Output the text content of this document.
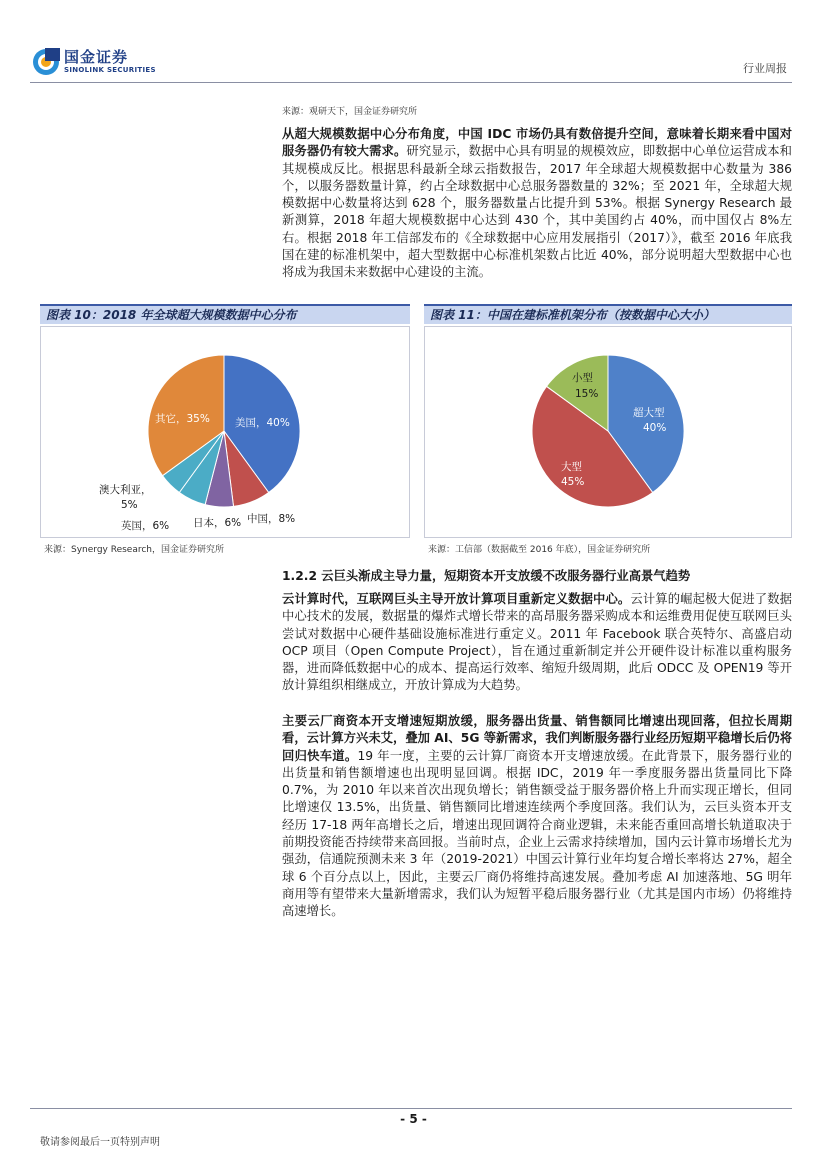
国金证券
SINOLINK SECURITIES	行业周报
来源：观研天下，国金证券研究所

从超大规模数据中心分布角度，中国 IDC 市场仍具有数倍提升空间，意味着长期来看中国对服务器仍有较大需求。研究显示，数据中心具有明显的规模效应，即数据中心单位运营成本和其规模成反比。根据思科最新全球云指数报告，2017 年全球超大规模数据中心数量为 386 个，以服务器数量计算，约占全球数据中心总服务器数量的 32%；至 2021 年，全球超大规模数据中心数量将达到 628 个，服务器数量占比提升到 53%。根据 Synergy Research 最新测算，2018 年超大规模数据中心达到 430 个，其中美国约占 40%，而中国仅占 8%左右。根据 2018 年工信部发布的《全球数据中心应用发展指引（2017）》，截至 2016 年底我国在建的标准机架中，超大型数据中心标准机架数占比近 40%，部分说明超大型数据中心也将成为我国未来数据中心建设的主流。

图表 10：2018 年全球超大规模数据中心分布
美国，40%
中国，8%
日本，6%
英国，6%
澳大利亚，
5%
其它，35%
来源：Synergy Research，国金证券研究所
图表 11：中国在建标准机架分布（按数据中心大小）
超大型
40%
大型
45%
小型
15%
来源：工信部（数据截至 2016 年底），国金证券研究所
1.2.2 云巨头渐成主导力量，短期资本开支放缓不改服务器行业高景气趋势

云计算时代，互联网巨头主导开放计算项目重新定义数据中心。云计算的崛起极大促进了数据中心技术的发展，数据量的爆炸式增长带来的高昂服务器采购成本和运维费用促使互联网巨头尝试对数据中心硬件基础设施标准进行重定义。2011 年 Facebook 联合英特尔、高盛启动 OCP 项目（Open Compute Project），旨在通过重新制定并公开硬件设计标准以重构服务器，进而降低数据中心的成本、提高运行效率、缩短升级周期，此后 ODCC 及 OPEN19 等开放计算组织相继成立，开放计算成为大趋势。

主要云厂商资本开支增速短期放缓，服务器出货量、销售额同比增速出现回落，但拉长周期看，云计算方兴未艾，叠加 AI、5G 等新需求，我们判断服务器行业经历短期平稳增长后仍将回归快车道。19 年一度，主要的云计算厂商资本开支增速放缓。在此背景下，服务器行业的出货量和销售额增速也出现明显回调。根据 IDC，2019 年一季度服务器出货量同比下降 0.7%，为 2010 年以来首次出现负增长；销售额受益于服务器价格上升而实现正增长，但同比增速仅 13.5%，出货量、销售额同比增速连续两个季度回落。我们认为，云巨头资本开支经历 17-18 两年高增长之后，增速出现回调符合商业逻辑，未来能否重回高增长轨道取决于前期投资能否持续带来高回报。当前时点，企业上云需求持续增加，国内云计算市场增长尤为强劲，信通院预测未来 3 年（2019-2021）中国云计算行业年均复合增长率将达 27%，超全球 6 个百分点以上，因此，主要云厂商仍将维持高速发展。叠加考虑 AI 加速落地、5G 明年商用等有望带来大量新增需求，我们认为短暂平稳后服务器行业（尤其是国内市场）仍将维持高速增长。

- 5 -
敬请参阅最后一页特别声明
